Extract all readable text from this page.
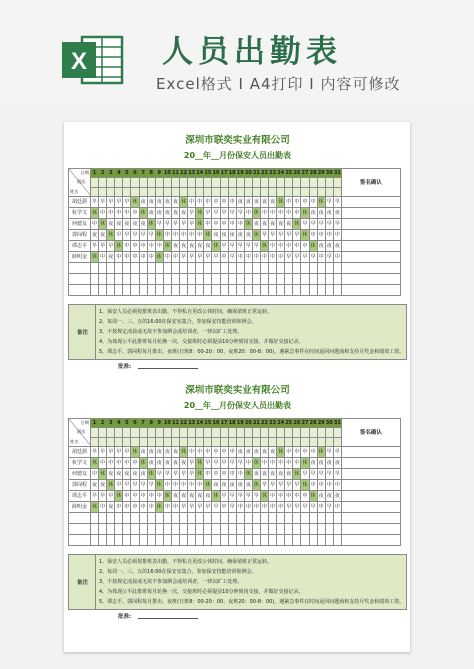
X 人员出勤表
Excel格式 I A4打印 I 内容可修改
深圳市联奕实业有限公司
20__年__月份保安人员出勤表
日期
班次
姓名	1	2	3	4	5	6	7	8	9	10	11	12	13	14	15	16	17	18	19	20	21	22	23	24	25	26	27	28	29	30	31	签名确认

胡廷颉	早	早	早	早	早	休	夜	夜	夜	夜	夜	休	中	中	中	中	中	中	夜	夜	夜	夜	夜	休	中	中	中	中	休	早	早	
杭学文	休	中	中	中	中	中	休	夜	夜	夜	夜	夜	早	休	早	早	早	早	早	中	休	中	中	中	中	中	休	夜	夜	夜	夜	
何德友	中	休	夜	夜	夜	夜	夜	休	早	早	早	早	早	休	中	中	中	中	中	休	夜	夜	夜	夜	夜	休	早	早	早	早	早	
郭闯程	夜	夜	休	早	早	早	早	早	休	中	中	中	中	中	休	夜	夜	夜	夜	夜	休	早	早	早	早	早	休	中	中	中	中	
谭志平	早	早	早	休	中	中	中	中	中	休	夜	夜	夜	夜	夜	休	早	早	早	早	早	休	中	中	中	中	中	休	夜	夜	夜	
薛明金	休	中	夜	中	中	中	中	中	休	中	中	早	早	早	早	早	中	早	中	中	中	中	中	中	早	早	早	早	中	早	中	

备注
1、保安人员必须按排班表出勤，不得私自更改公休时间，确保值班正常运转。
2、每周一、三、五的16:00在保安室集合，参加保安技能培训和例会。
3、不按规定凌晨或无故不参加例会或培训者，一律以旷工处理。
4、为体现公平此排班每月轮换一次，交接班时必须提前10分钟到岗交接，并做好交接记录。
5、谭志平、郭闯程每月排出、夜班(日班8：00-20：00，夜班20：00-8：00)，遇紧急事件在时间返回问题商和支持月奖金和绩效工资。
批准:
深圳市联奕实业有限公司
20__年__月份保安人员出勤表
日期
班次
姓名	1	2	3	4	5	6	7	8	9	10	11	12	13	14	15	16	17	18	19	20	21	22	23	24	25	26	27	28	29	30	31	签名确认

胡廷颉	早	早	早	早	早	休	夜	夜	夜	夜	夜	休	中	中	中	中	中	中	夜	夜	夜	夜	夜	休	中	中	中	中	休	早	早	
杭学文	休	中	中	中	中	中	休	夜	夜	夜	夜	夜	早	休	早	早	早	早	早	中	休	中	中	中	中	中	休	夜	夜	夜	夜	
何德友	中	休	夜	夜	夜	夜	夜	休	早	早	早	早	早	休	中	中	中	中	中	休	夜	夜	夜	夜	夜	休	早	早	早	早	早	
郭闯程	夜	夜	休	早	早	早	早	早	休	中	中	中	中	中	休	夜	夜	夜	夜	夜	休	早	早	早	早	早	休	中	中	中	中	
谭志平	早	早	早	休	中	中	中	中	中	休	夜	夜	夜	夜	夜	休	早	早	早	早	早	休	中	中	中	中	中	休	夜	夜	夜	
薛明金	休	中	夜	中	中	中	中	中	休	中	中	早	早	早	早	早	中	早	中	中	中	中	中	中	早	早	早	早	中	早	中	

备注
1、保安人员必须按排班表出勤，不得私自更改公休时间，确保值班正常运转。
2、每周一、三、五的16:00在保安室集合，参加保安技能培训和例会。
3、不按规定凌晨或无故不参加例会或培训者，一律以旷工处理。
4、为体现公平此排班每月轮换一次，交接班时必须提前10分钟到岗交接，并做好交接记录。
5、谭志平、郭闯程每月排出、夜班(日班8：00-20：00，夜班20：00-8：00)，遇紧急事件在时间返回问题商和支持月奖金和绩效工资。
批准:
